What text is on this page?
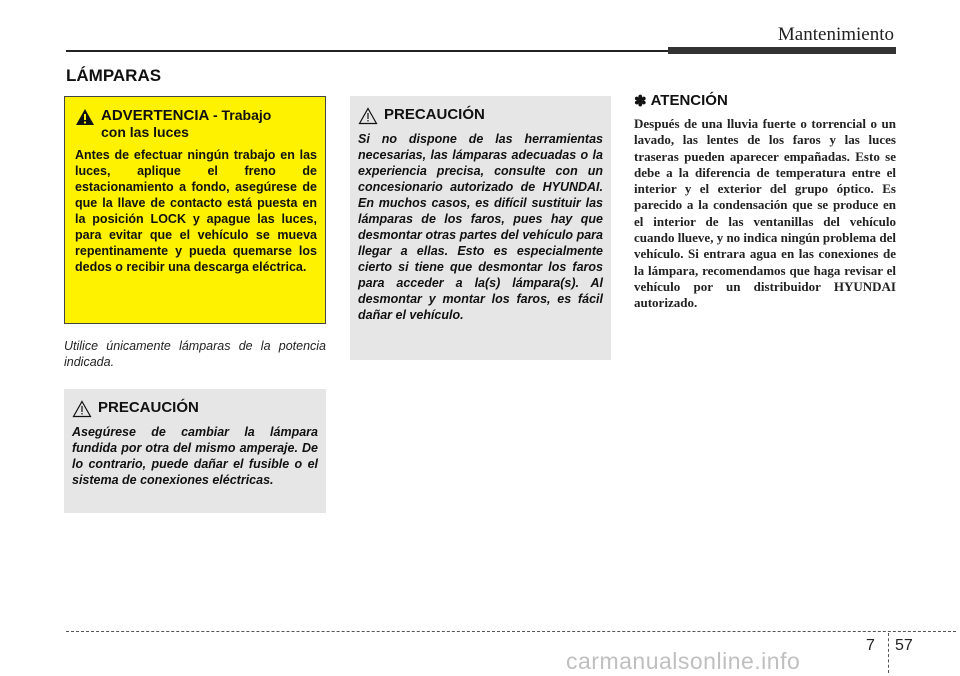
Mantenimiento
LÁMPARAS
ADVERTENCIA - Trabajo
con las luces

Antes de efectuar ningún trabajo en las luces, aplique el freno de estacionamiento a fondo, asegúrese de que la llave de contacto está puesta en la posición LOCK y apague las luces, para evitar que el vehículo se mueva repentinamente y pueda quemarse los dedos o recibir una descarga eléctrica.

Utilice únicamente lámparas de la potencia indicada.

PRECAUCIÓN

Asegúrese de cambiar la lámpara fundida por otra del mismo amperaje. De lo contrario, puede dañar el fusible o el sistema de conexiones eléctricas.

PRECAUCIÓN

Si no dispone de las herramientas necesarias, las lámparas adecuadas o la experiencia precisa, consulte con un concesionario autorizado de HYUNDAI. En muchos casos, es difícil sustituir las lámparas de los faros, pues hay que desmontar otras partes del vehículo para llegar a ellas. Esto es especialmente cierto si tiene que desmontar los faros para acceder a la(s) lámpara(s). Al desmontar y montar los faros, es fácil dañar el vehículo.

✽ ATENCIÓN

Después de una lluvia fuerte o torrencial o un lavado, las lentes de los faros y las luces traseras pueden aparecer empañadas. Esto se debe a la diferencia de temperatura entre el interior y el exterior del grupo óptico. Es parecido a la condensación que se produce en el interior de las ventanillas del vehículo cuando llueve, y no indica ningún problema del vehículo. Si entrara agua en las conexiones de la lámpara, recomendamos que haga revisar el vehículo por un distribuidor HYUNDAI autorizado.

7 57
carmanualsonline.info
